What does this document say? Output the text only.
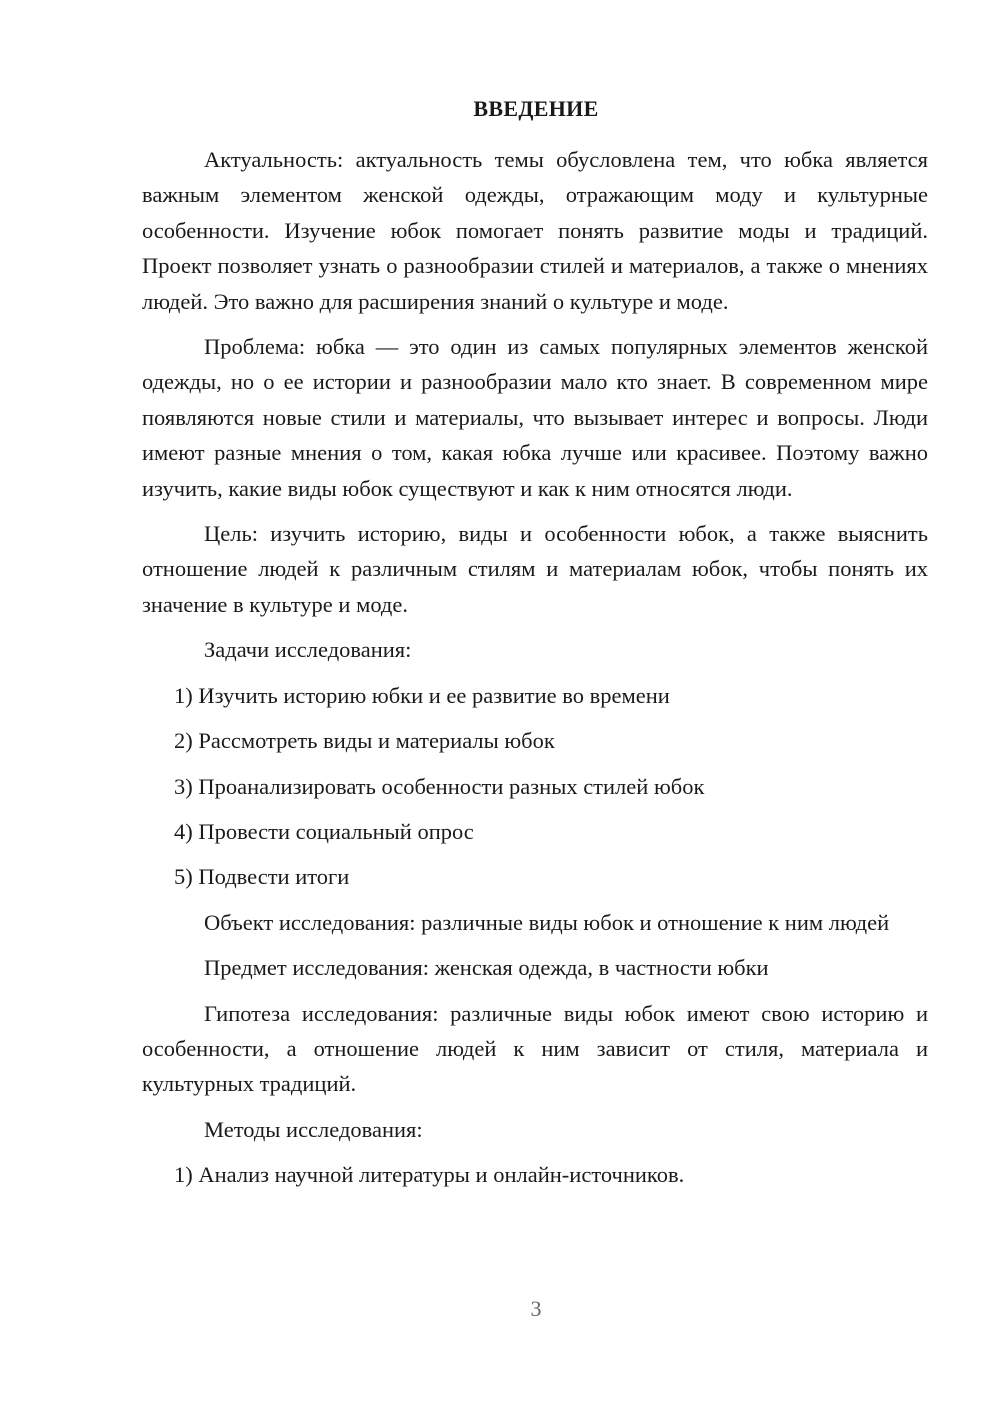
ВВЕДЕНИЕ

Актуальность: актуальность темы обусловлена тем, что юбка является важным элементом женской одежды, отражающим моду и культурные особенности. Изучение юбок помогает понять развитие моды и традиций. Проект позволяет узнать о разнообразии стилей и материалов, а также о мнениях людей. Это важно для расширения знаний о культуре и моде.

Проблема: юбка — это один из самых популярных элементов женской одежды, но о ее истории и разнообразии мало кто знает. В современном мире появляются новые стили и материалы, что вызывает интерес и вопросы. Люди имеют разные мнения о том, какая юбка лучше или красивее. Поэтому важно изучить, какие виды юбок существуют и как к ним относятся люди.

Цель: изучить историю, виды и особенности юбок, а также выяснить отношение людей к различным стилям и материалам юбок, чтобы понять их значение в культуре и моде.

Задачи исследования:

1) Изучить историю юбки и ее развитие во времени
2) Рассмотреть виды и материалы юбок
3) Проанализировать особенности разных стилей юбок
4) Провести социальный опрос
5) Подвести итоги

Объект исследования: различные виды юбок и отношение к ним людей

Предмет исследования: женская одежда, в частности юбки

Гипотеза исследования: различные виды юбок имеют свою историю и особенности, а отношение людей к ним зависит от стиля, материала и культурных традиций.

Методы исследования:

1) Анализ научной литературы и онлайн-источников.
3
